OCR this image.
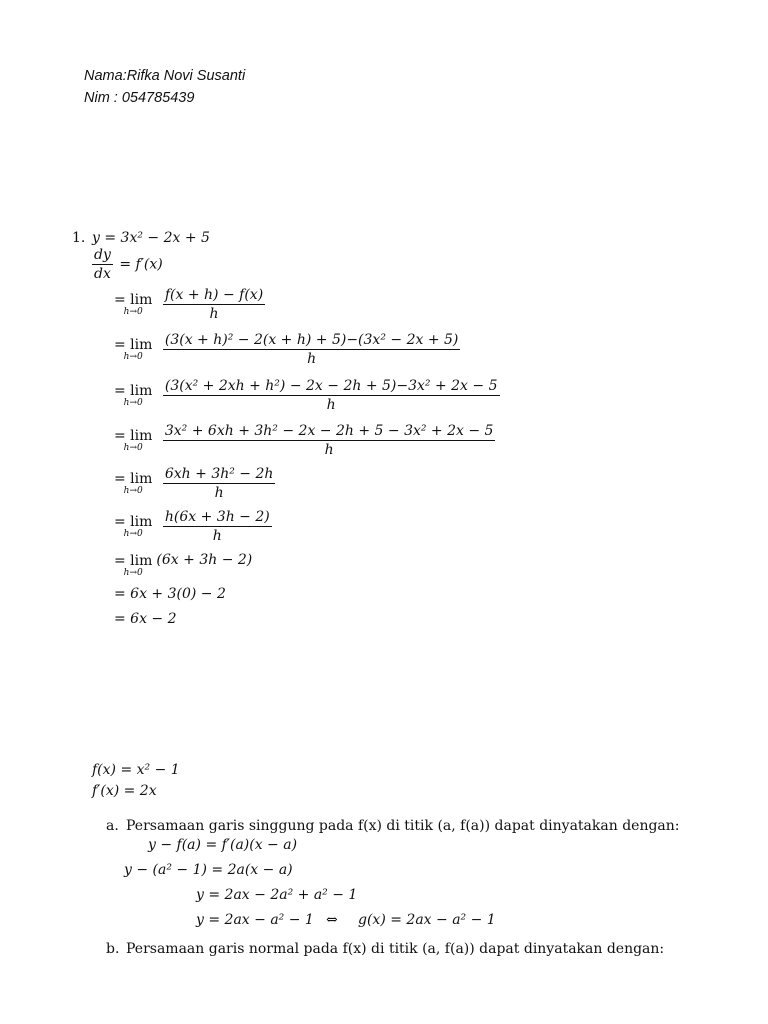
Nama:Rifka Novi Susanti
Nim : 054785439
1. y = 3x² − 2x + 5
$\frac{dy}{dx} = f'(x)$
= lim
h→0
	$\frac{f(x + h) - f(x)}{h}$
= lim
h→0
	$\frac{\text{(3(x + h)² − 2(x + h) + 5)−(3x² − 2x + 5)}}{h}$
= lim
h→0
	$\frac{\text{(3(x² + 2xh + h²) − 2x − 2h + 5)−3x² + 2x − 5}}{h}$
= lim
h→0
	$\frac{\text{3x² + 6xh + 3h² − 2x − 2h + 5 − 3x² + 2x − 5}}{h}$
= lim
h→0
	$\frac{\text{6xh + 3h² − 2h}}{h}$
= lim
h→0
	$\frac{h(6x + 3h - 2)}{h}$
= lim
h→0
(6x + 3h − 2)
= 6x + 3(0) − 2
= 6x − 2
f(x) = x² − 1
f′(x) = 2x
a. Persamaan garis singgung pada f(x) di titik (a, f(a)) dapat dinyatakan dengan:
y − f(a) = f′(a)(x − a)
y − (a² − 1) = 2a(x − a)
y = 2ax − 2a² + a² − 1
y = 2ax − a² − 1 ⇔ g(x) = 2ax − a² − 1
b. Persamaan garis normal pada f(x) di titik (a, f(a)) dapat dinyatakan dengan:
